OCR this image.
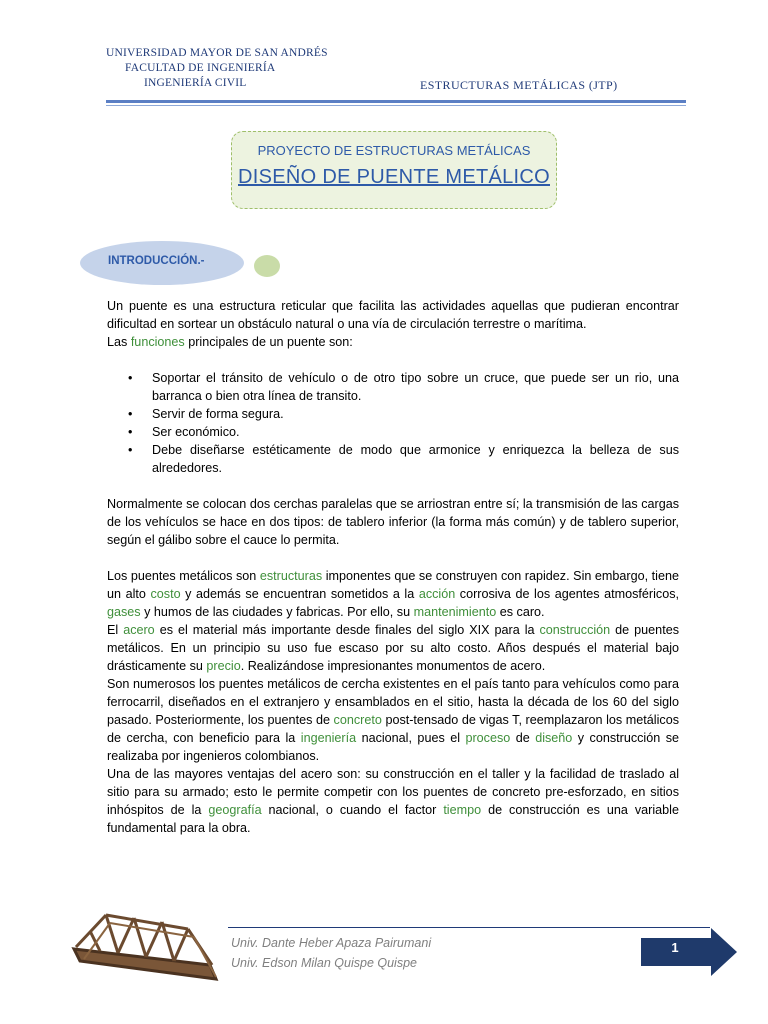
UNIVERSIDAD MAYOR DE SAN ANDRÉS
FACULTAD DE INGENIERÍA
INGENIERÍA CIVIL	ESTRUCTURAS METÁLICAS (JTP)
PROYECTO DE ESTRUCTURAS METÁLICAS
DISEÑO DE PUENTE METÁLICO
INTRODUCCIÓN.-

Un puente es una estructura reticular que facilita las actividades aquellas que pudieran encontrar dificultad en sortear un obstáculo natural o una vía de circulación terrestre o marítima.

Las funciones principales de un puente son:

• Soportar el tránsito de vehículo o de otro tipo sobre un cruce, que puede ser un rio, una barranca o bien otra línea de transito.
• Servir de forma segura.
• Ser económico.
• Debe diseñarse estéticamente de modo que armonice y enriquezca la belleza de sus alrededores.

Normalmente se colocan dos cerchas paralelas que se arriostran entre sí; la transmisión de las cargas de los vehículos se hace en dos tipos: de tablero inferior (la forma más común) y de tablero superior, según el gálibo sobre el cauce lo permita.

Los puentes metálicos son estructuras imponentes que se construyen con rapidez. Sin embargo, tiene un alto costo y además se encuentran sometidos a la acción corrosiva de los agentes atmosféricos, gases y humos de las ciudades y fabricas. Por ello, su mantenimiento es caro.

El acero es el material más importante desde finales del siglo XIX para la construcción de puentes metálicos. En un principio su uso fue escaso por su alto costo. Años después el material bajo drásticamente su precio. Realizándose impresionantes monumentos de acero.

Son numerosos los puentes metálicos de cercha existentes en el país tanto para vehículos como para ferrocarril, diseñados en el extranjero y ensamblados en el sitio, hasta la década de los 60 del siglo pasado. Posteriormente, los puentes de concreto post-tensado de vigas T, reemplazaron los metálicos de cercha, con beneficio para la ingeniería nacional, pues el proceso de diseño y construcción se realizaba por ingenieros colombianos.

Una de las mayores ventajas del acero son: su construcción en el taller y la facilidad de traslado al sitio para su armado; esto le permite competir con los puentes de concreto pre-esforzado, en sitios inhóspitos de la geografía nacional, o cuando el factor tiempo de construcción es una variable fundamental para la obra.

Univ. Dante Heber Apaza Pairumani
Univ. Edson Milan Quispe Quispe
1
